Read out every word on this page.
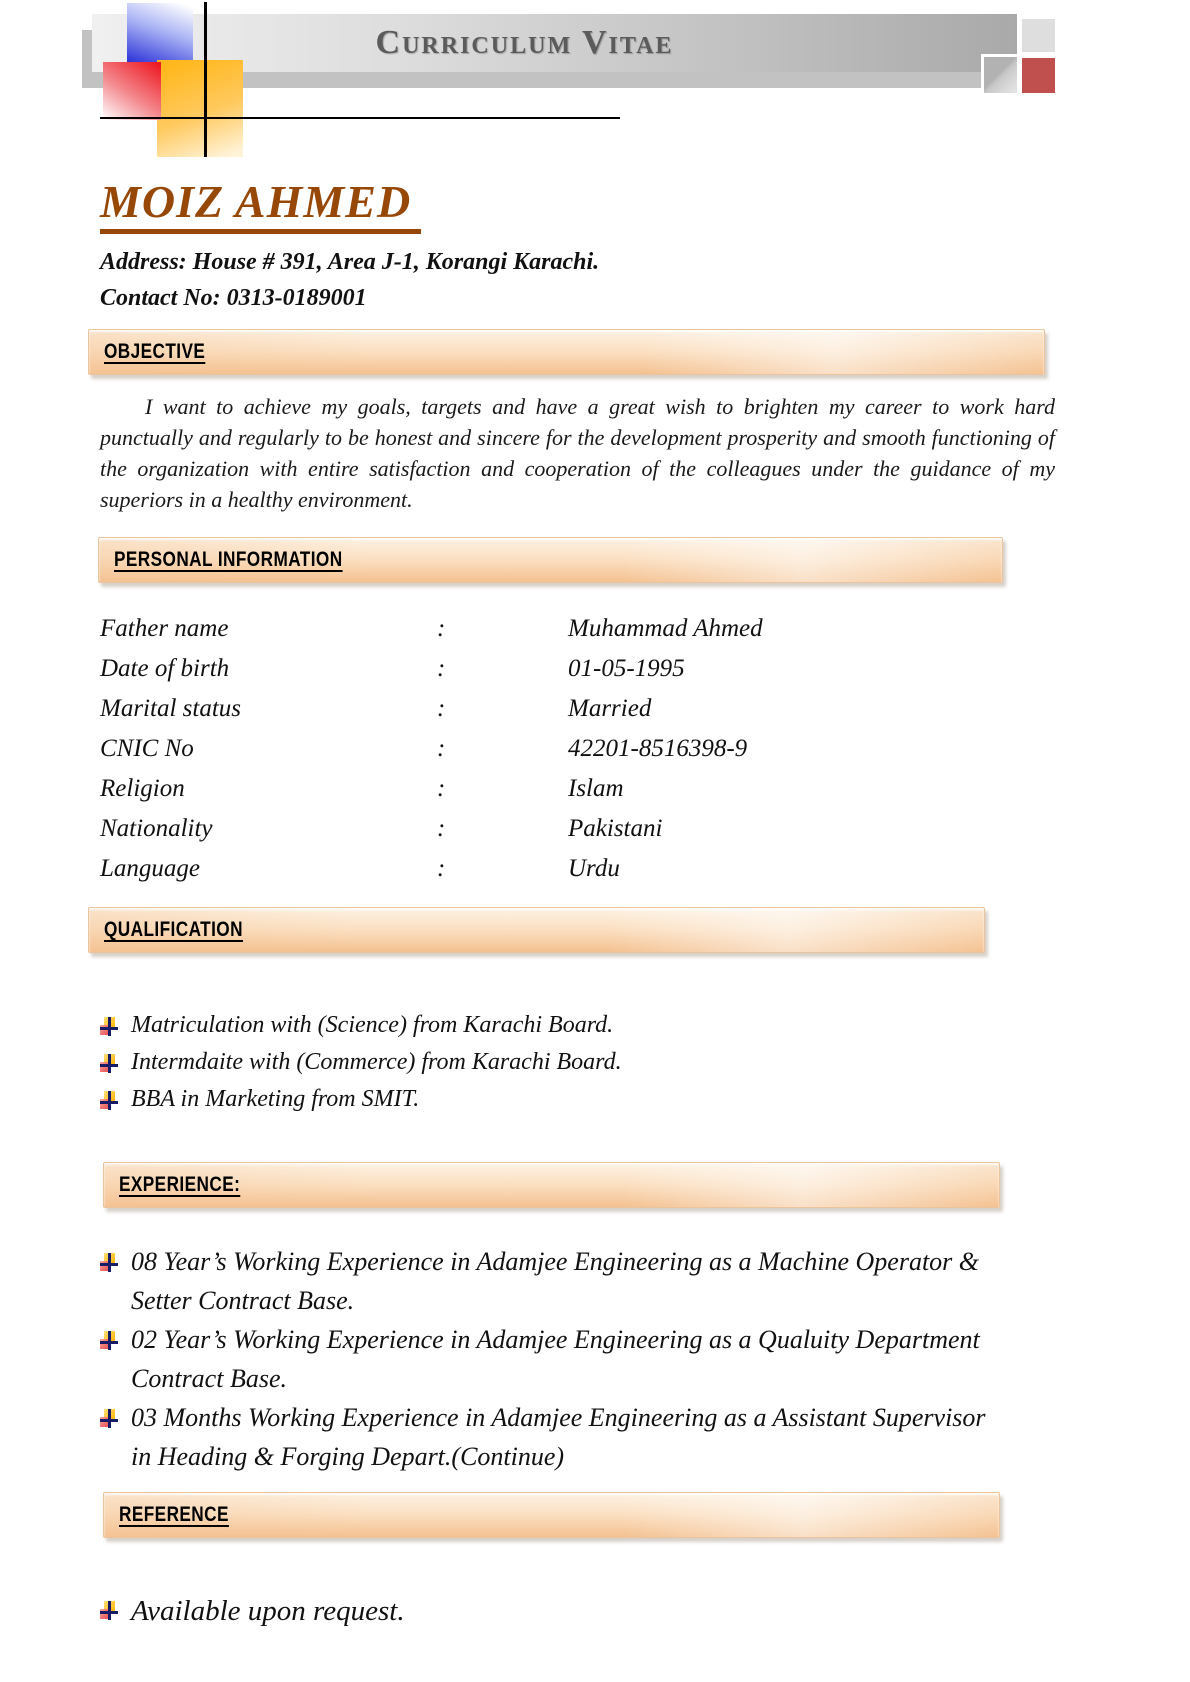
Curriculum Vitae
MOIZ AHMED

Address: House # 391, Area J-1, Korangi Karachi.

Contact No: 0313-0189001

OBJECTIVE

I want to achieve my goals, targets and have a great wish to brighten my career to work hard punctually and regularly to be honest and sincere for the development prosperity and smooth functioning of the organization with entire satisfaction and cooperation of the colleagues under the guidance of my superiors in a healthy environment.

PERSONAL INFORMATION
Father name	:	Muhammad Ahmed
Date of birth	:	01-05-1995
Marital status	:	Married
CNIC No	:	42201-8516398-9
Religion	:	Islam
Nationality	:	Pakistani
Language	:	Urdu
QUALIFICATION
Matriculation with (Science) from Karachi Board.
Intermdaite with (Commerce) from Karachi Board.
BBA in Marketing from SMIT.
EXPERIENCE:
08 Year’s Working Experience in Adamjee Engineering as a Machine Operator & Setter Contract Base.
02 Year’s Working Experience in Adamjee Engineering as a Qualuity Department Contract Base.
03 Months Working Experience in Adamjee Engineering as a Assistant Supervisor in Heading & Forging Depart.(Continue)
REFERENCE
Available upon request.
